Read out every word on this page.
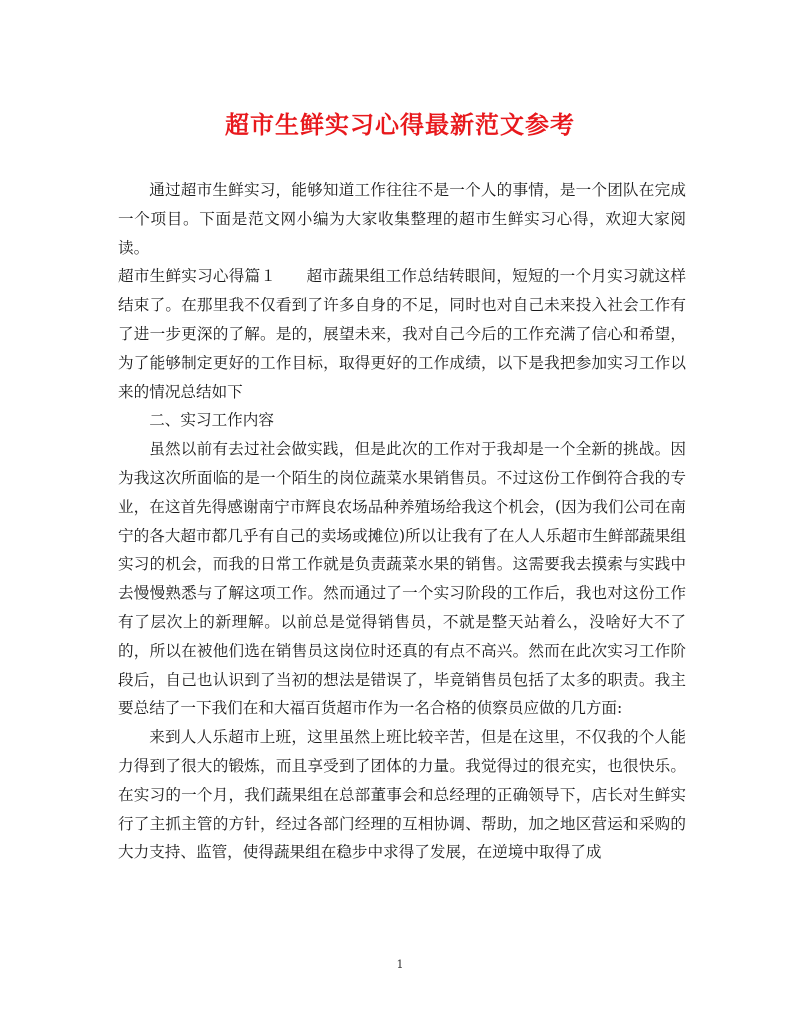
超市生鲜实习心得最新范文参考

通过超市生鲜实习，能够知道工作往往不是一个人的事情，是一个团队在完成一个项目。下面是范文网小编为大家收集整理的超市生鲜实习心得，欢迎大家阅读。

超市生鲜实习心得篇１ 超市蔬果组工作总结转眼间，短短的一个月实习就这样结束了。在那里我不仅看到了许多自身的不足，同时也对自己未来投入社会工作有了进一步更深的了解。是的，展望未来，我对自己今后的工作充满了信心和希望，为了能够制定更好的工作目标，取得更好的工作成绩，以下是我把参加实习工作以来的情况总结如下

二、实习工作内容

虽然以前有去过社会做实践，但是此次的工作对于我却是一个全新的挑战。因为我这次所面临的是一个陌生的岗位蔬菜水果销售员。不过这份工作倒符合我的专业，在这首先得感谢南宁市辉良农场品种养殖场给我这个机会，(因为我们公司在南宁的各大超市都几乎有自己的卖场或摊位)所以让我有了在人人乐超市生鲜部蔬果组实习的机会，而我的日常工作就是负责蔬菜水果的销售。这需要我去摸索与实践中去慢慢熟悉与了解这项工作。然而通过了一个实习阶段的工作后，我也对这份工作有了层次上的新理解。以前总是觉得销售员，不就是整天站着么，没啥好大不了的，所以在被他们选在销售员这岗位时还真的有点不高兴。然而在此次实习工作阶段后，自己也认识到了当初的想法是错误了，毕竟销售员包括了太多的职责。我主要总结了一下我们在和大福百货超市作为一名合格的侦察员应做的几方面:

来到人人乐超市上班，这里虽然上班比较辛苦，但是在这里，不仅我的个人能力得到了很大的锻炼，而且享受到了团体的力量。我觉得过的很充实，也很快乐。在实习的一个月，我们蔬果组在总部董事会和总经理的正确领导下，店长对生鲜实行了主抓主管的方针，经过各部门经理的互相协调、帮助，加之地区营运和采购的大力支持、监管，使得蔬果组在稳步中求得了发展，在逆境中取得了成

1
